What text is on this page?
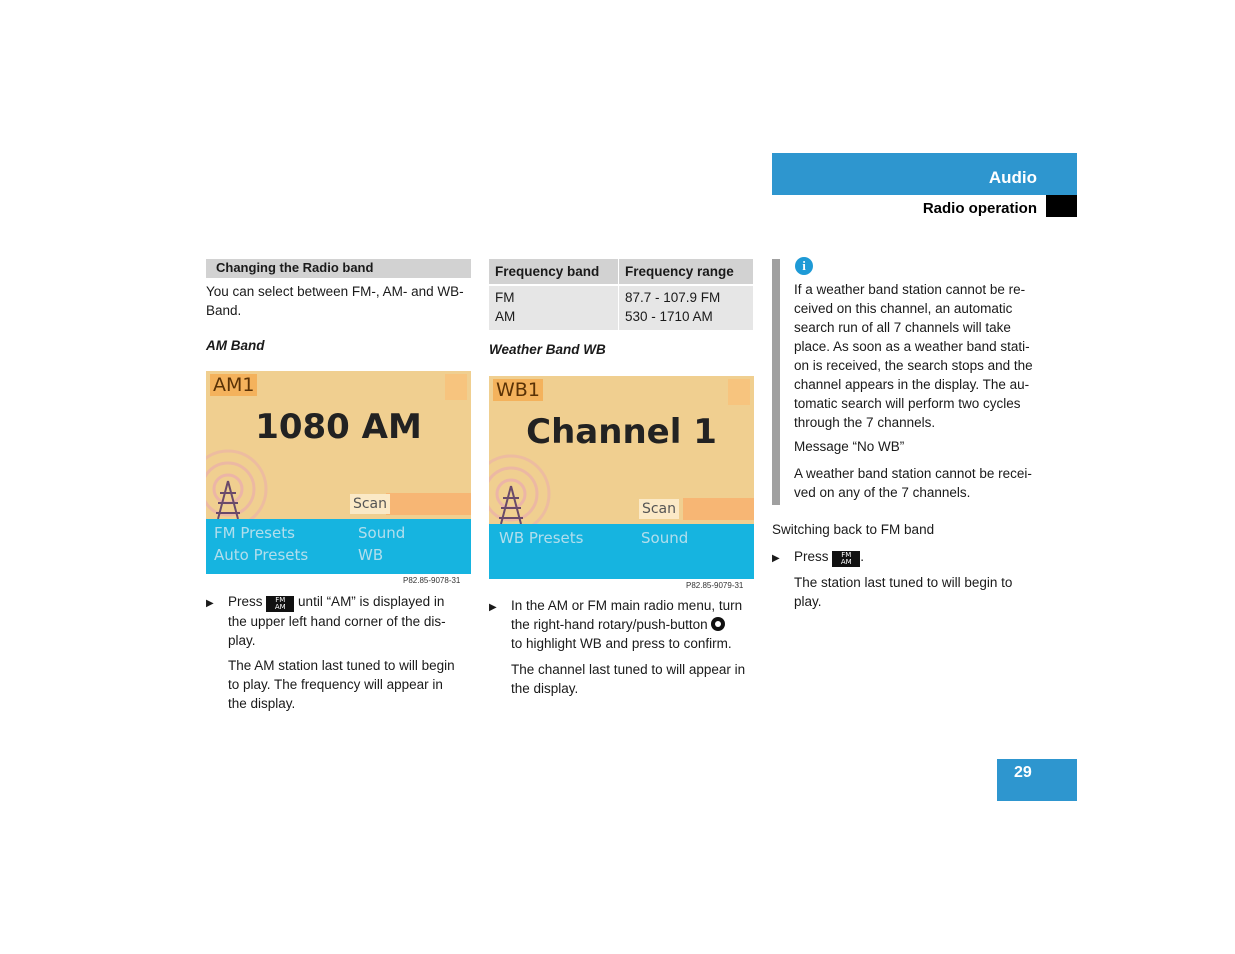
Audio
Radio operation
Changing the Radio band
You can select between FM-, AM- and WB-
Band.
AM Band
AM1
1080 AM
Scan
FM Presets
Auto Presets
Sound
WB
P82.85-9078-31
▶ Press FM
AM until “AM” is displayed in
the upper left hand corner of the dis-
play.
The AM station last tuned to will begin
to play. The frequency will appear in
the display.
Frequency band	Frequency range

FM	87.7 - 107.9 FM
AM	530 - 1710 AM
Weather Band WB
WB1
Channel 1
Scan
WB Presets	Sound
P82.85-9079-31
▶ In the AM or FM main radio menu, turn
the right-hand rotary/push-button
to highlight WB and press to confirm.
The channel last tuned to will appear in
the display.
i
If a weather band station cannot be re-
ceived on this channel, an automatic
search run of all 7 channels will take
place. As soon as a weather band stati-
on is received, the search stops and the
channel appears in the display. The au-
tomatic search will perform two cycles
through the 7 channels.
Message “No WB”
A weather band station cannot be recei-
ved on any of the 7 channels.
Switching back to FM band
▶ Press FM
AM .
The station last tuned to will begin to
play.
29
